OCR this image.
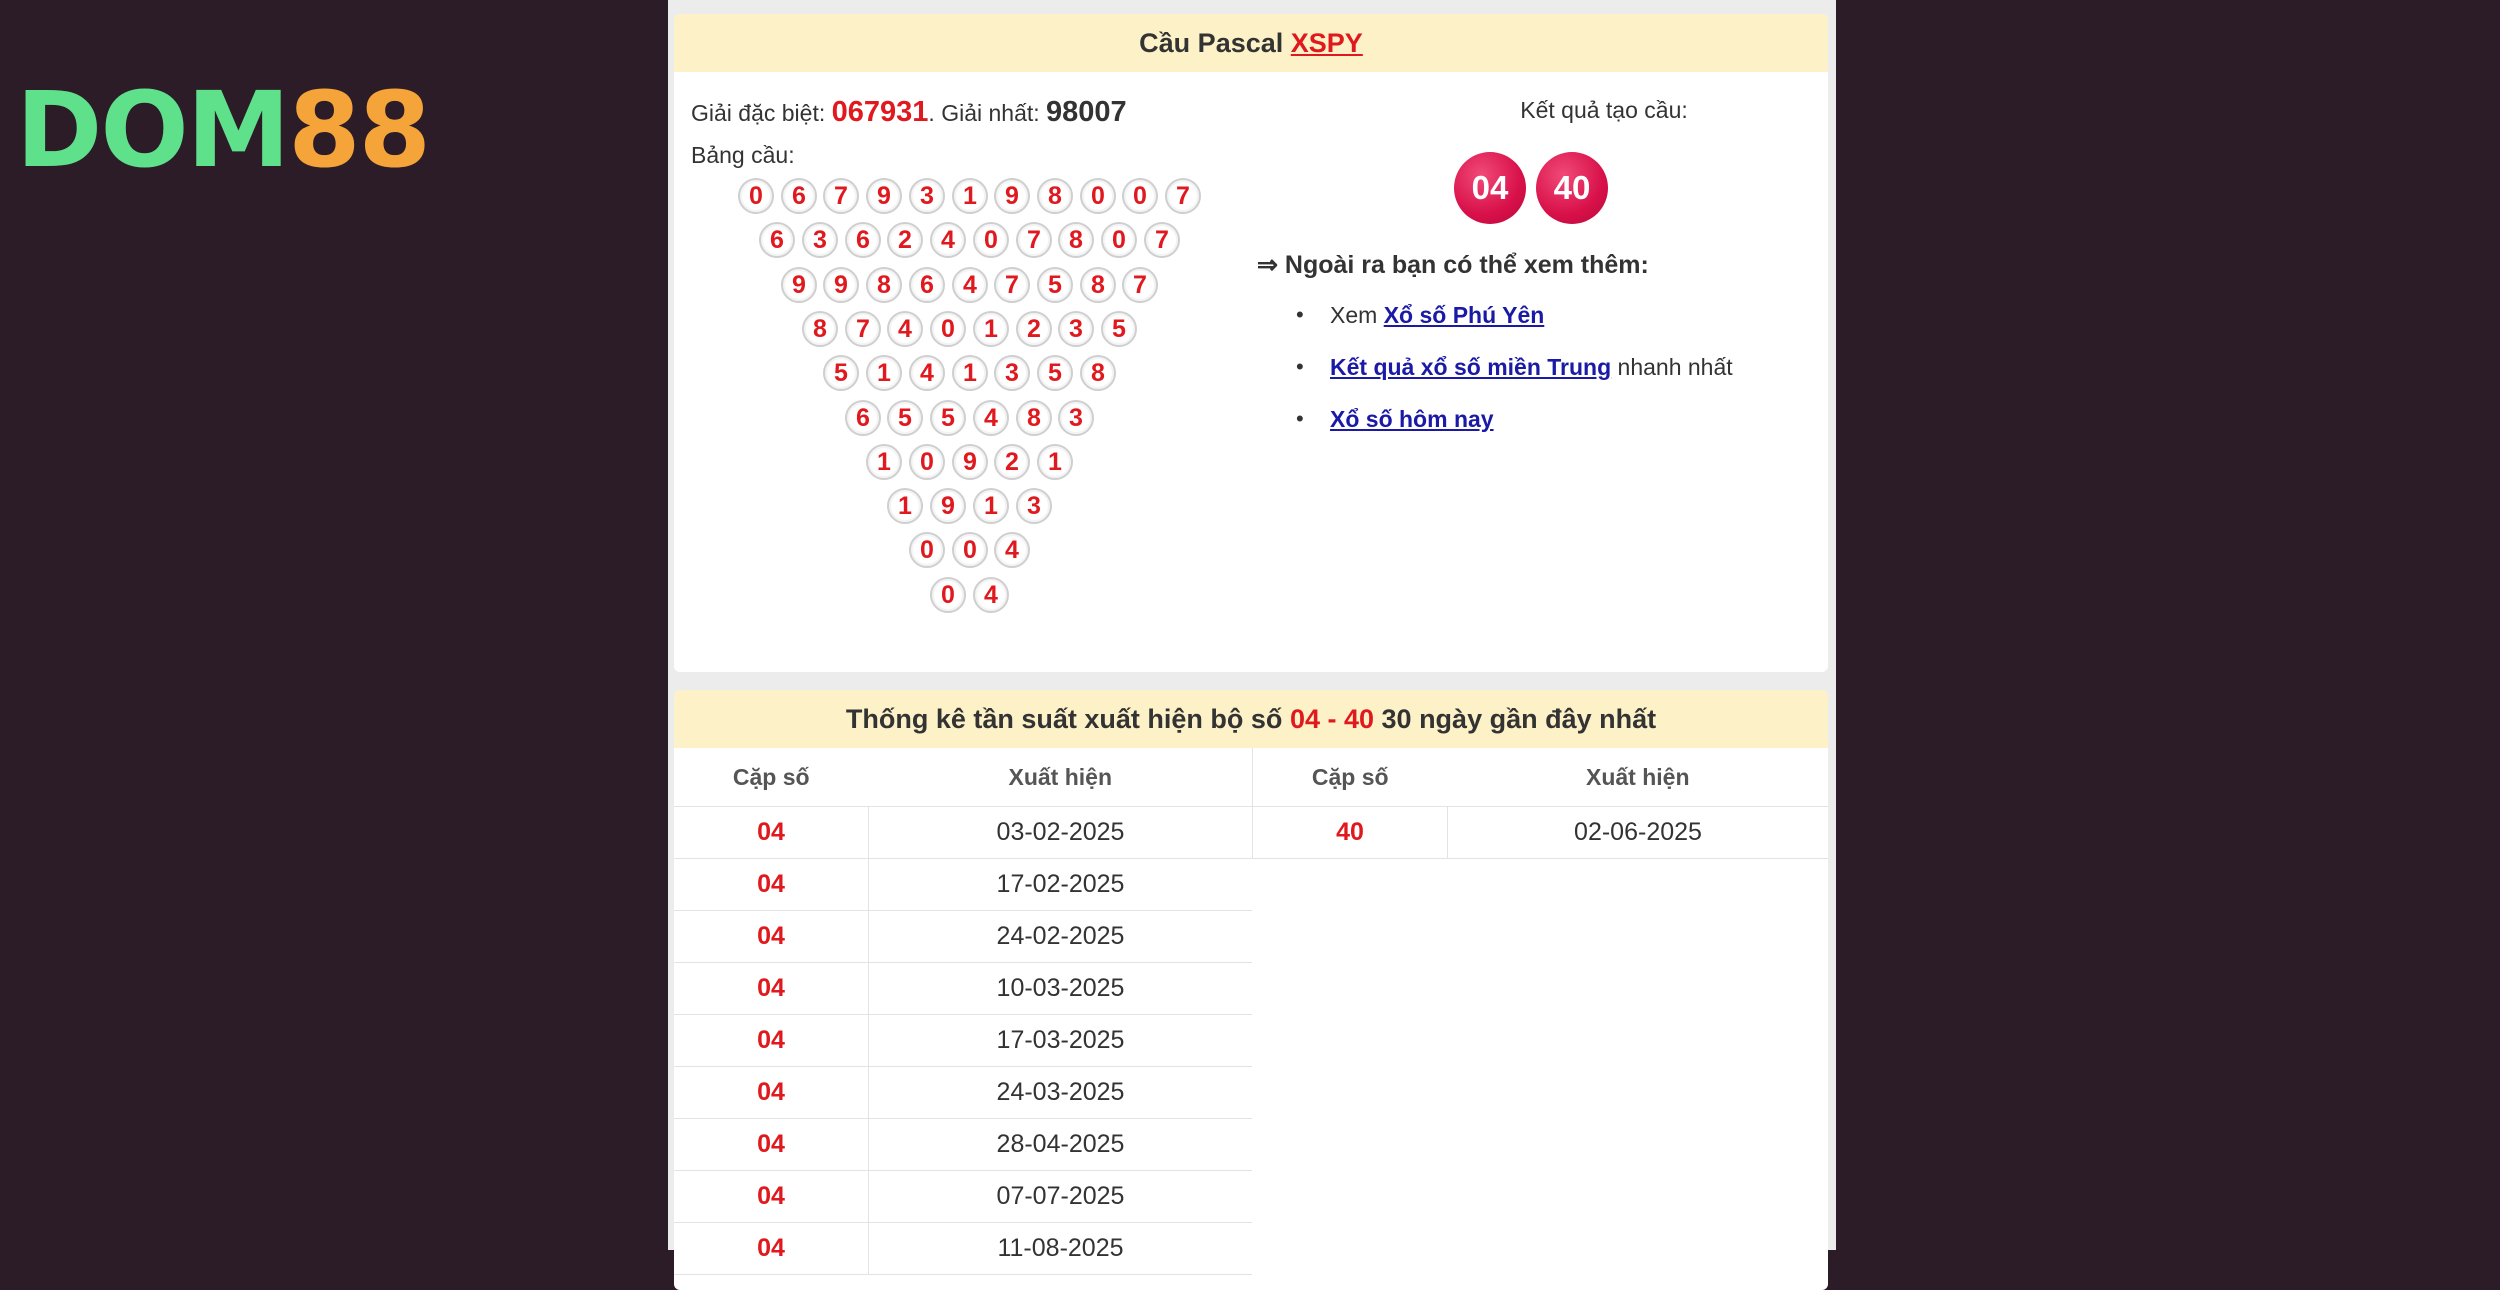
DOM88
Cầu Pascal XSPY
Giải đặc biệt: 067931. Giải nhất: 98007
Bảng cầu:
0	6	7	9	3	1	9	8	0	0	7
6	3	6	2	4	0	7	8	0	7
9	9	8	6	4	7	5	8	7
8	7	4	0	1	2	3	5
5	1	4	1	3	5	8
6	5	5	4	8	3
1	0	9	2	1
1	9	1	3
0	0	4
0	4
Kết quả tạo cầu:
04	40
⇒ Ngoài ra bạn có thể xem thêm:
• Xem Xổ số Phú Yên
• Kết quả xổ số miền Trung nhanh nhất
• Xổ số hôm nay
Thống kê tần suất xuất hiện bộ số 04 - 40 30 ngày gần đây nhất
Cặp số	Xuất hiện
04	03-02-2025
04	17-02-2025
04	24-02-2025
04	10-03-2025
04	17-03-2025
04	24-03-2025
04	28-04-2025
04	07-07-2025
04	11-08-2025
Cặp số	Xuất hiện
40	02-06-2025
